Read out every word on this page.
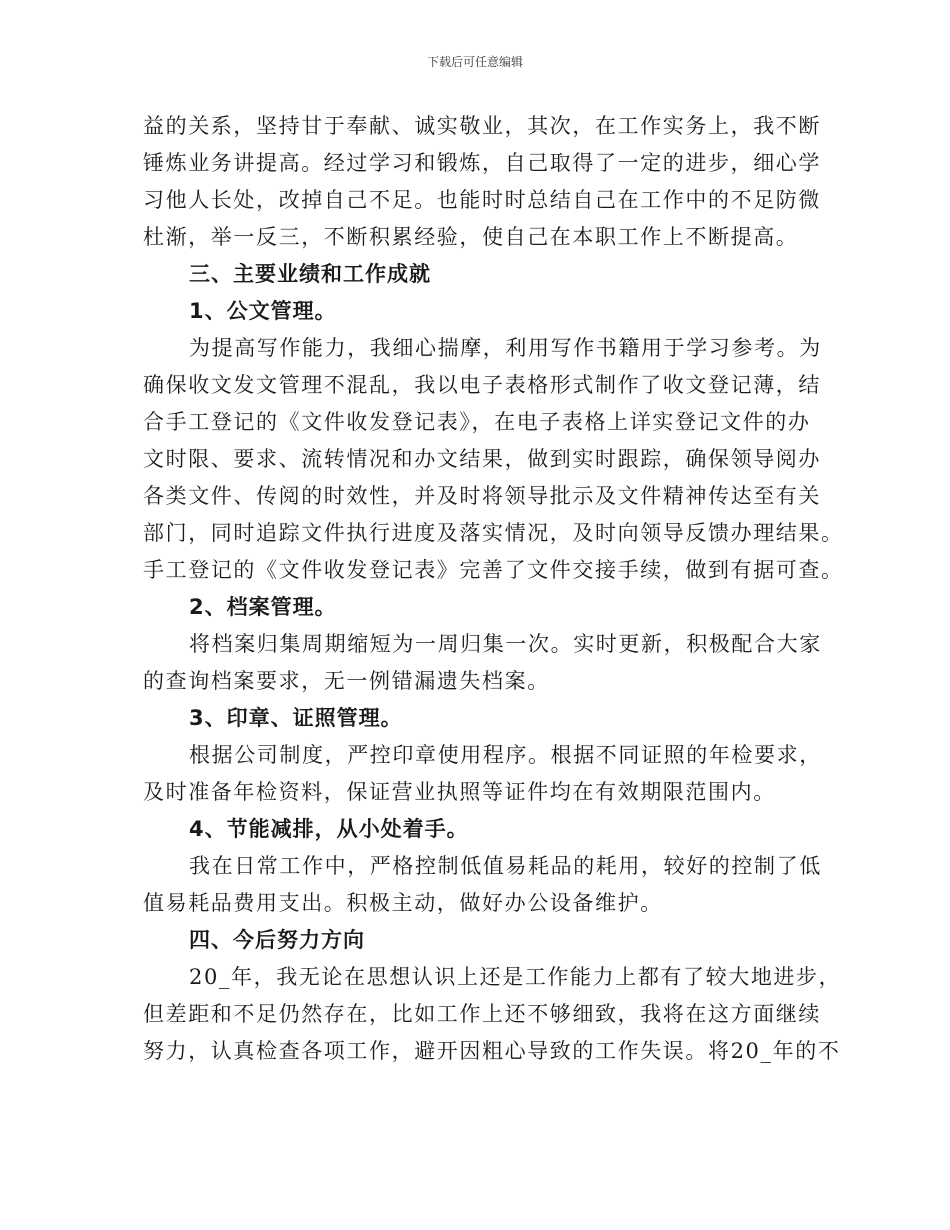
下载后可任意编辑
益的关系，坚持甘于奉献、诚实敬业，其次，在工作实务上，我不断
锤炼业务讲提高。经过学习和锻炼，自己取得了一定的进步，细心学
习他人长处，改掉自己不足。也能时时总结自己在工作中的不足防微
杜渐，举一反三，不断积累经验，使自己在本职工作上不断提高。
三、主要业绩和工作成就
1、公文管理。
为提高写作能力，我细心揣摩，利用写作书籍用于学习参考。为
确保收文发文管理不混乱，我以电子表格形式制作了收文登记薄，结
合手工登记的《文件收发登记表》，在电子表格上详实登记文件的办
文时限、要求、流转情况和办文结果，做到实时跟踪，确保领导阅办
各类文件、传阅的时效性，并及时将领导批示及文件精神传达至有关
部门，同时追踪文件执行进度及落实情况，及时向领导反馈办理结果。
手工登记的《文件收发登记表》完善了文件交接手续，做到有据可查。
2、档案管理。
将档案归集周期缩短为一周归集一次。实时更新，积极配合大家
的查询档案要求，无一例错漏遗失档案。
3、印章、证照管理。
根据公司制度，严控印章使用程序。根据不同证照的年检要求，
及时准备年检资料，保证营业执照等证件均在有效期限范围内。
4、节能减排，从小处着手。
我在日常工作中，严格控制低值易耗品的耗用，较好的控制了低
值易耗品费用支出。积极主动，做好办公设备维护。
四、今后努力方向
20_年，我无论在思想认识上还是工作能力上都有了较大地进步，
但差距和不足仍然存在，比如工作上还不够细致，我将在这方面继续
努力，认真检查各项工作，避开因粗心导致的工作失误。将20_年的不
